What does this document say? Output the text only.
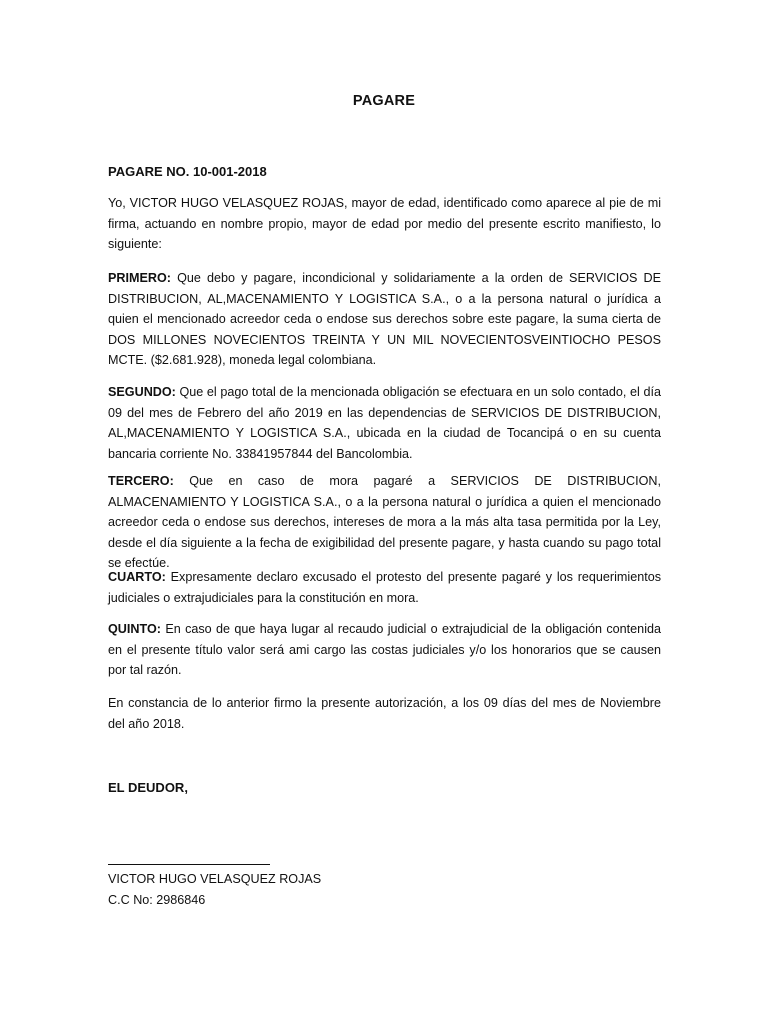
PAGARE
PAGARE NO. 10-001-2018
Yo, VICTOR HUGO VELASQUEZ ROJAS, mayor de edad, identificado como aparece al pie de mi firma, actuando en nombre propio, mayor de edad por medio del presente escrito manifiesto, lo siguiente:
PRIMERO: Que debo y pagare, incondicional y solidariamente a la orden de SERVICIOS DE DISTRIBUCION, AL,MACENAMIENTO Y LOGISTICA S.A., o a la persona natural o jurídica a quien el mencionado acreedor ceda o endose sus derechos sobre este pagare, la suma cierta de DOS MILLONES NOVECIENTOS TREINTA Y UN MIL NOVECIENTOSVEINTIOCHO PESOS MCTE. ($2.681.928), moneda legal colombiana.
SEGUNDO: Que el pago total de la mencionada obligación se efectuara en un solo contado, el día 09 del mes de Febrero del año 2019 en las dependencias de SERVICIOS DE DISTRIBUCION, AL,MACENAMIENTO Y LOGISTICA S.A., ubicada en la ciudad de Tocancipá o en su cuenta bancaria corriente No. 33841957844 del Bancolombia.
TERCERO: Que en caso de mora pagaré a SERVICIOS DE DISTRIBUCION, ALMACENAMIENTO Y LOGISTICA S.A., o a la persona natural o jurídica a quien el mencionado acreedor ceda o endose sus derechos, intereses de mora a la más alta tasa permitida por la Ley, desde el día siguiente a la fecha de exigibilidad del presente pagare, y hasta cuando su pago total se efectúe.
CUARTO: Expresamente declaro excusado el protesto del presente pagaré y los requerimientos judiciales o extrajudiciales para la constitución en mora.
QUINTO: En caso de que haya lugar al recaudo judicial o extrajudicial de la obligación contenida en el presente título valor será ami cargo las costas judiciales y/o los honorarios que se causen por tal razón.
En constancia de lo anterior firmo la presente autorización, a los 09 días del mes de Noviembre del año 2018.
EL DEUDOR,
VICTOR HUGO VELASQUEZ ROJAS
C.C No: 2986846
